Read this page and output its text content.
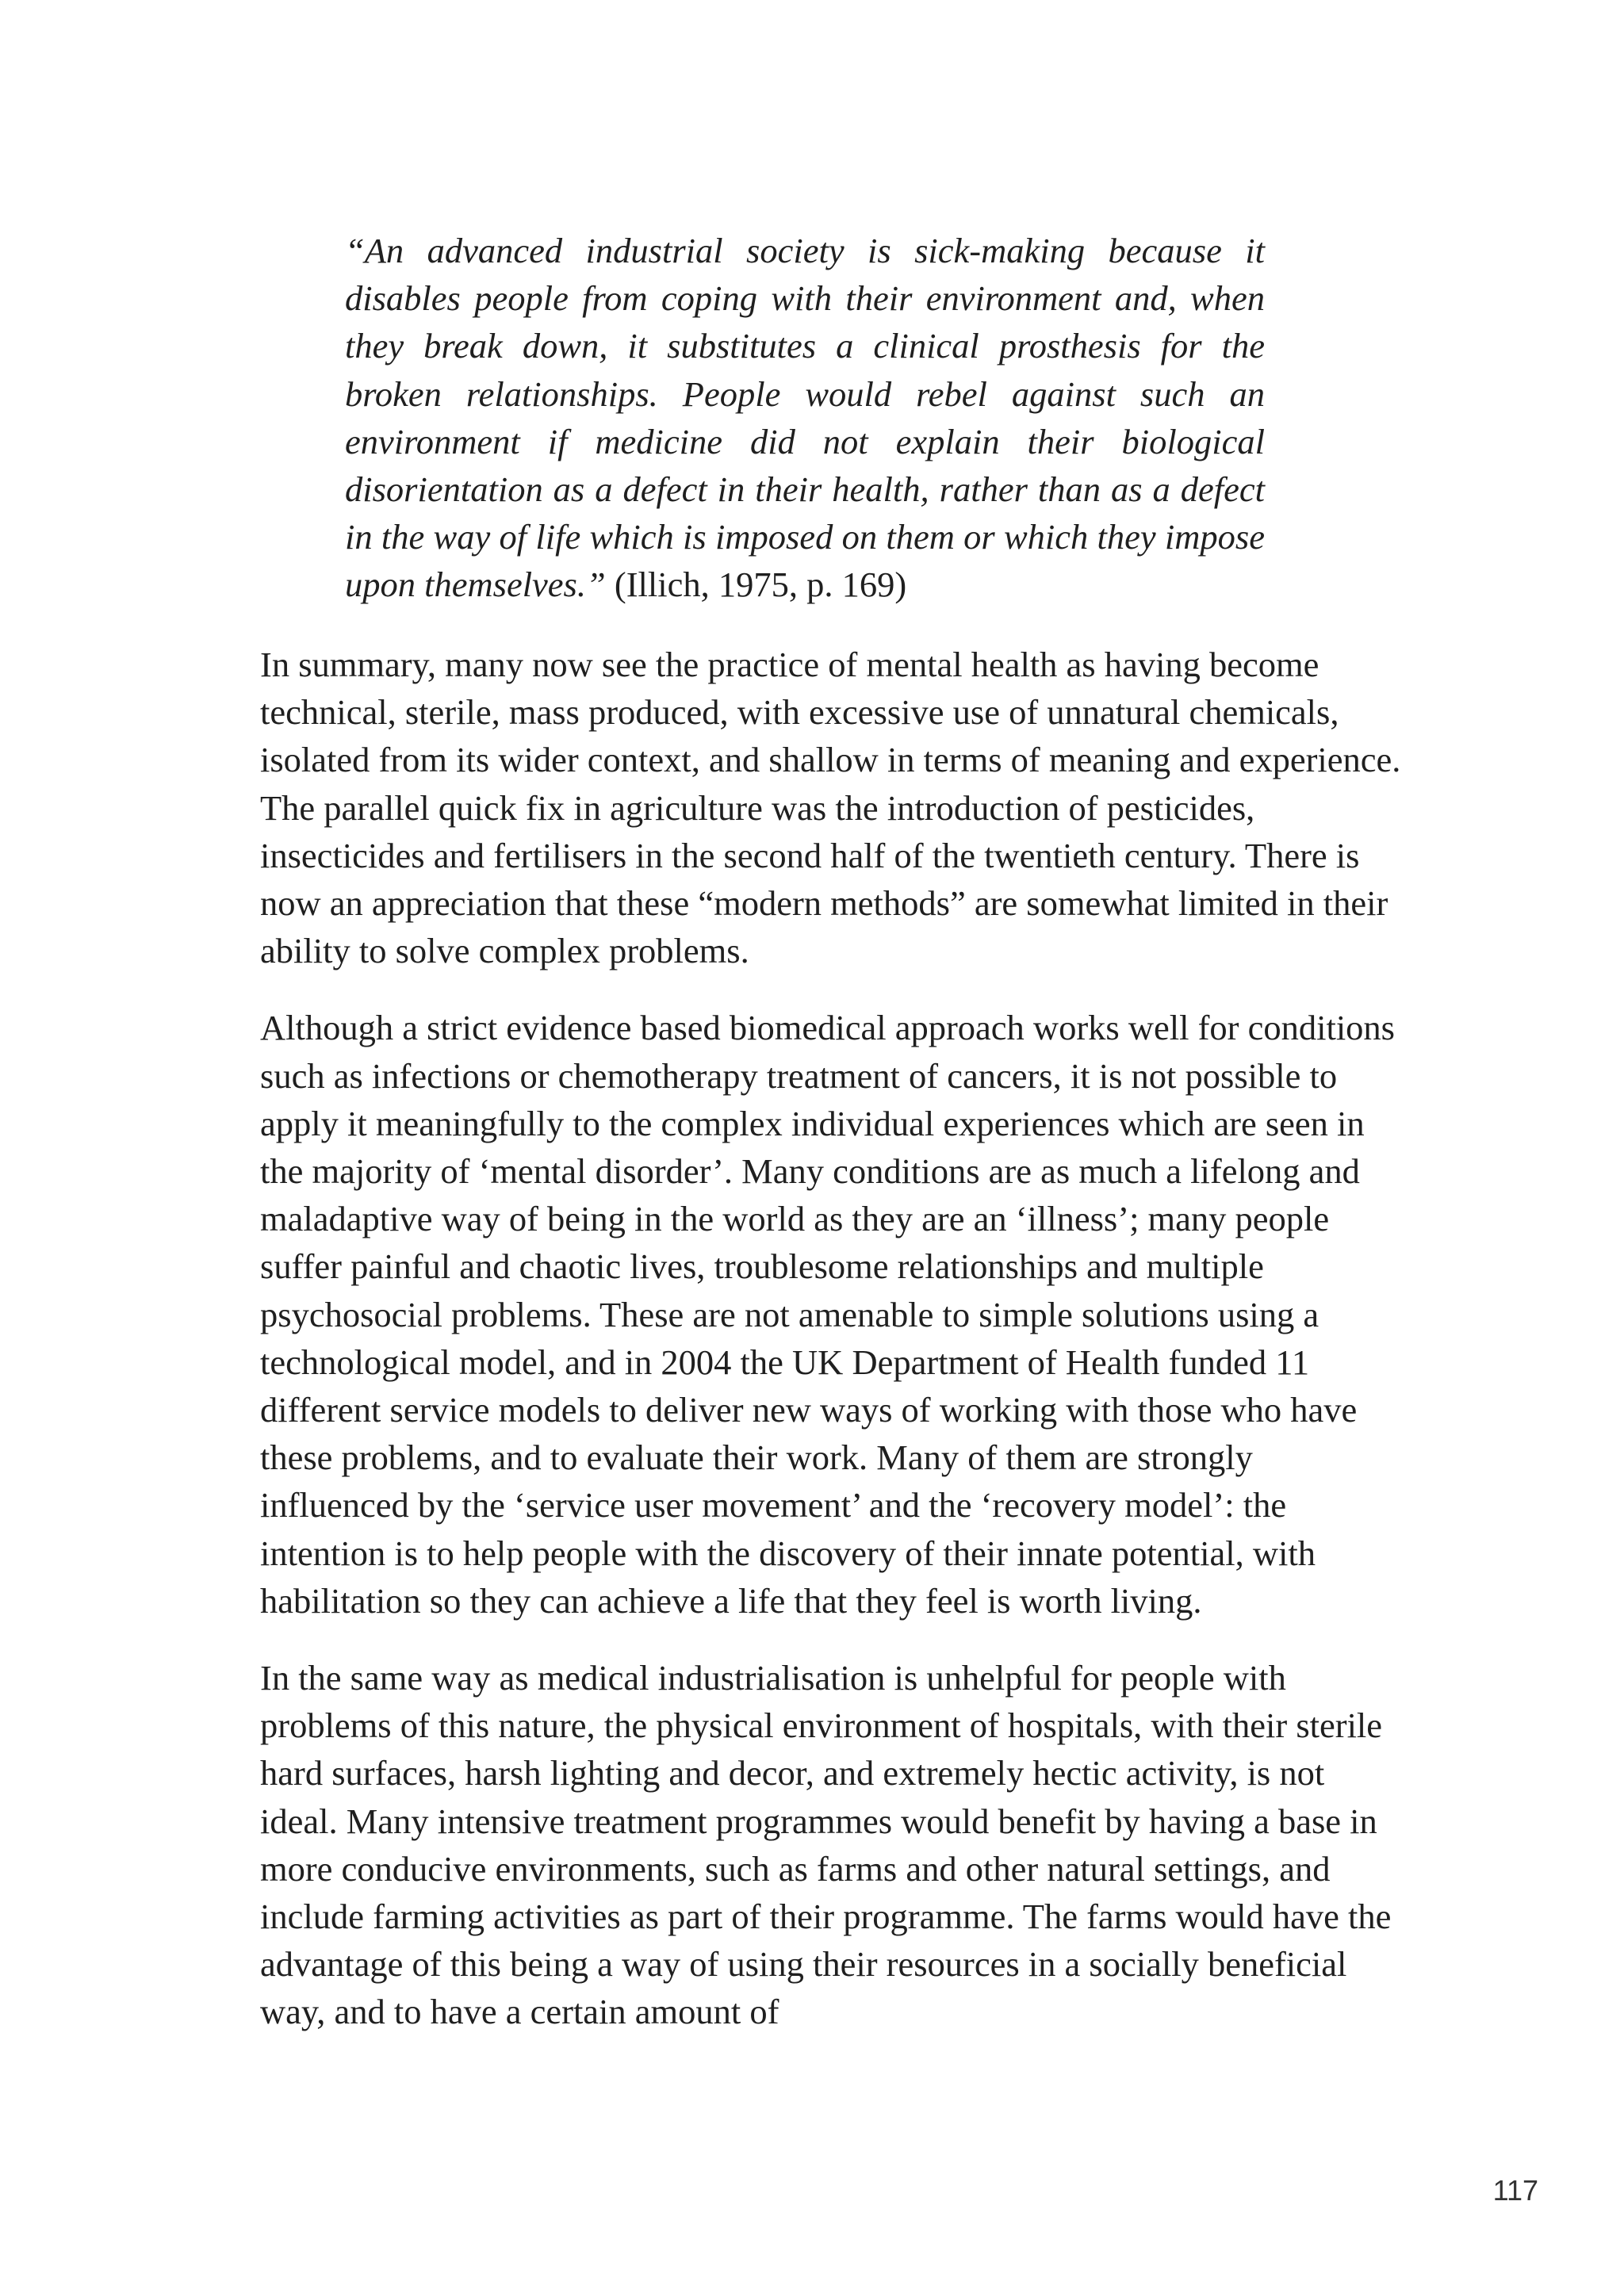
“An advanced industrial society is sick-making because it disables people from coping with their environment and, when they break down, it substitutes a clinical prosthesis for the broken relationships. People would rebel against such an environment if medicine did not explain their biological disorientation as a defect in their health, rather than as a defect in the way of life which is imposed on them or which they impose upon themselves.” (Illich, 1975, p. 169)

In summary, many now see the practice of mental health as having become technical, sterile, mass produced, with excessive use of unnatural chemicals, isolated from its wider context, and shallow in terms of meaning and experience. The parallel quick fix in agriculture was the introduction of pesticides, insecticides and fertilisers in the second half of the twentieth century. There is now an appreciation that these “modern methods” are somewhat limited in their ability to solve complex problems.

Although a strict evidence based biomedical approach works well for conditions such as infections or chemotherapy treatment of cancers, it is not possible to apply it meaningfully to the complex individual experiences which are seen in the majority of ‘mental disorder’. Many conditions are as much a lifelong and maladaptive way of being in the world as they are an ‘illness’; many people suffer painful and chaotic lives, troublesome relationships and multiple psychosocial problems. These are not amenable to simple solutions using a technological model, and in 2004 the UK Department of Health funded 11 different service models to deliver new ways of working with those who have these problems, and to evaluate their work. Many of them are strongly influenced by the ‘service user movement’ and the ‘recovery model’: the intention is to help people with the discovery of their innate potential, with habilitation so they can achieve a life that they feel is worth living.

In the same way as medical industrialisation is unhelpful for people with problems of this nature, the physical environment of hospitals, with their sterile hard surfaces, harsh lighting and decor, and extremely hectic activity, is not ideal. Many intensive treatment programmes would benefit by having a base in more conducive environments, such as farms and other natural settings, and include farming activities as part of their programme. The farms would have the advantage of this being a way of using their resources in a socially beneficial way, and to have a certain amount of

117
